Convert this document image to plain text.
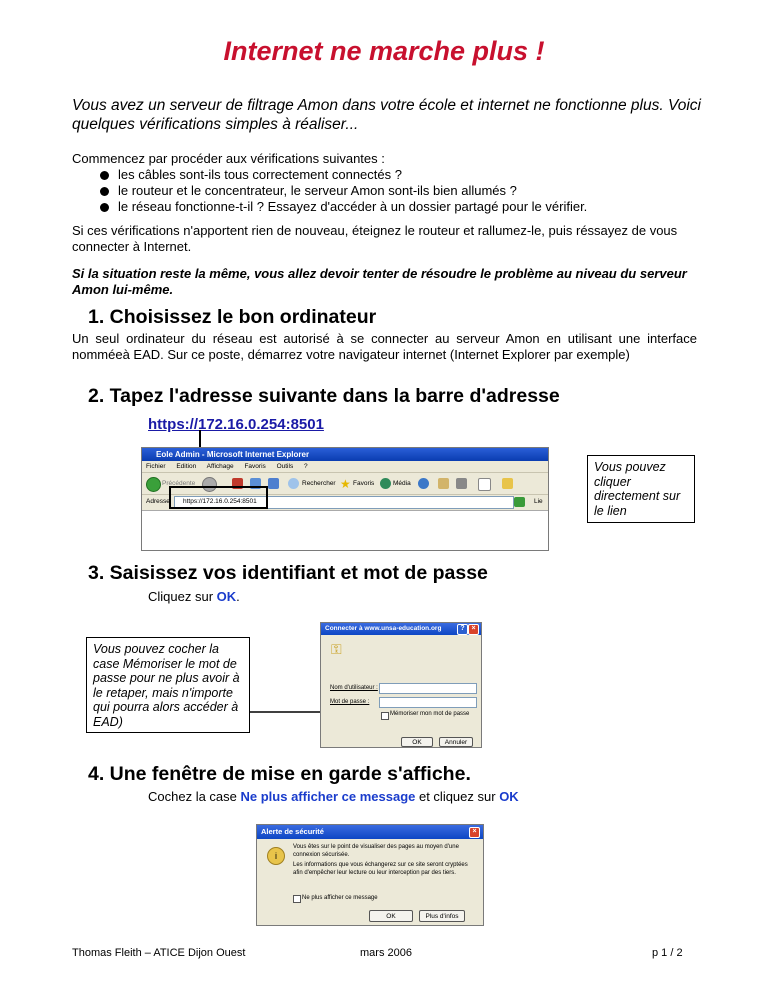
Internet ne marche plus !
Vous avez un serveur de filtrage Amon dans votre école et internet ne fonctionne plus. Voici quelques vérifications simples à réaliser...
Commencez par procéder aux vérifications suivantes :
les câbles sont-ils tous correctement connectés ?
le routeur et le concentrateur, le serveur Amon sont-ils bien allumés ?
le réseau fonctionne-t-il ? Essayez d'accéder à un dossier partagé pour le vérifier.
Si ces vérifications n'apportent rien de nouveau, éteignez le routeur et rallumez-le, puis réssayez de vous connecter à Internet.
Si la situation reste la même, vous allez devoir tenter de résoudre le problème au niveau du serveur Amon lui-même.
1. Choisissez le bon ordinateur
Un seul ordinateur du réseau est autorisé à se connecter au serveur Amon en utilisant une interface nomméeà EAD. Sur ce poste, démarrez votre navigateur internet (Internet Explorer par exemple)
2. Tapez l'adresse suivante dans la barre d'adresse
https://172.16.0.254:8501
Eole Admin - Microsoft Internet Explorer
Fichier Edition Affichage Favoris Outils ?
Précédente	Rechercher ★ Favoris	Média
Adresse https://172.16.0.254:8501	Lie
Vous pouvez cliquer directement sur le lien
3. Saisissez vos identifiant et mot de passe
Cliquez sur OK.
Vous pouvez cocher la case Mémoriser le mot de passe pour ne plus avoir à le retaper, mais n'importe qui pourra alors accéder à EAD)
Connecter à www.unsa-education.org	? ×
⚿
Nom d'utilisateur :
Mot de passe :
Mémoriser mon mot de passe
OK	Annuler
4. Une fenêtre de mise en garde s'affiche.
Cochez la case Ne plus afficher ce message et cliquez sur OK
Alerte de sécurité	×
i
Vous êtes sur le point de visualiser des pages au moyen d'une connexion sécurisée.
Les informations que vous échangerez sur ce site seront cryptées afin d'empêcher leur lecture ou leur interception par des tiers.
Ne plus afficher ce message
OK	Plus d'infos
Thomas Fleith – ATICE Dijon Ouest	mars 2006	p 1 / 2
